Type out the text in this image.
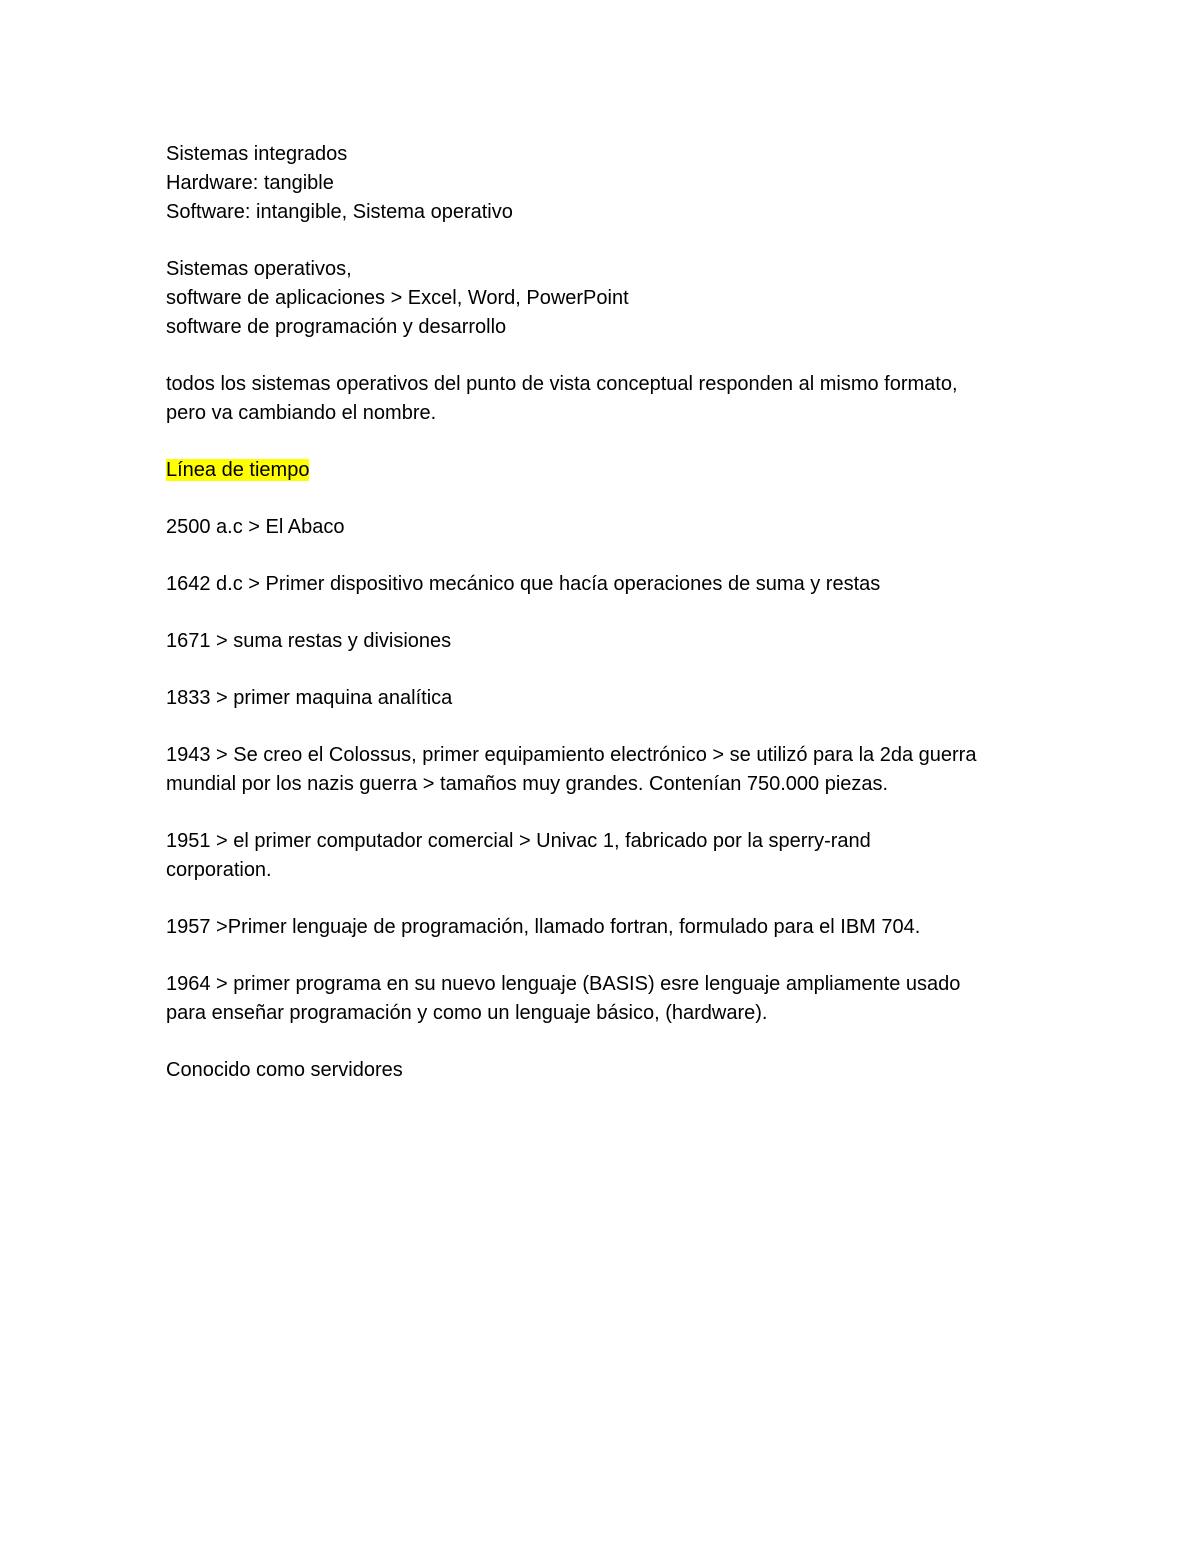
Sistemas integrados
Hardware: tangible
Software: intangible, Sistema operativo
Sistemas operativos,
software de aplicaciones > Excel, Word, PowerPoint
software de programación y desarrollo
todos los sistemas operativos del punto de vista conceptual responden al mismo formato,
pero va cambiando el nombre.
Línea de tiempo
2500 a.c > El Abaco
1642 d.c > Primer dispositivo mecánico que hacía operaciones de suma y restas
1671 > suma restas y divisiones
1833 > primer maquina analítica
1943 > Se creo el Colossus, primer equipamiento electrónico > se utilizó para la 2da guerra
mundial por los nazis guerra > tamaños muy grandes. Contenían 750.000 piezas.
1951 > el primer computador comercial > Univac 1, fabricado por la sperry-rand
corporation.
1957 >Primer lenguaje de programación, llamado fortran, formulado para el IBM 704.
1964 > primer programa en su nuevo lenguaje (BASIS) esre lenguaje ampliamente usado
para enseñar programación y como un lenguaje básico, (hardware).
Conocido como servidores
